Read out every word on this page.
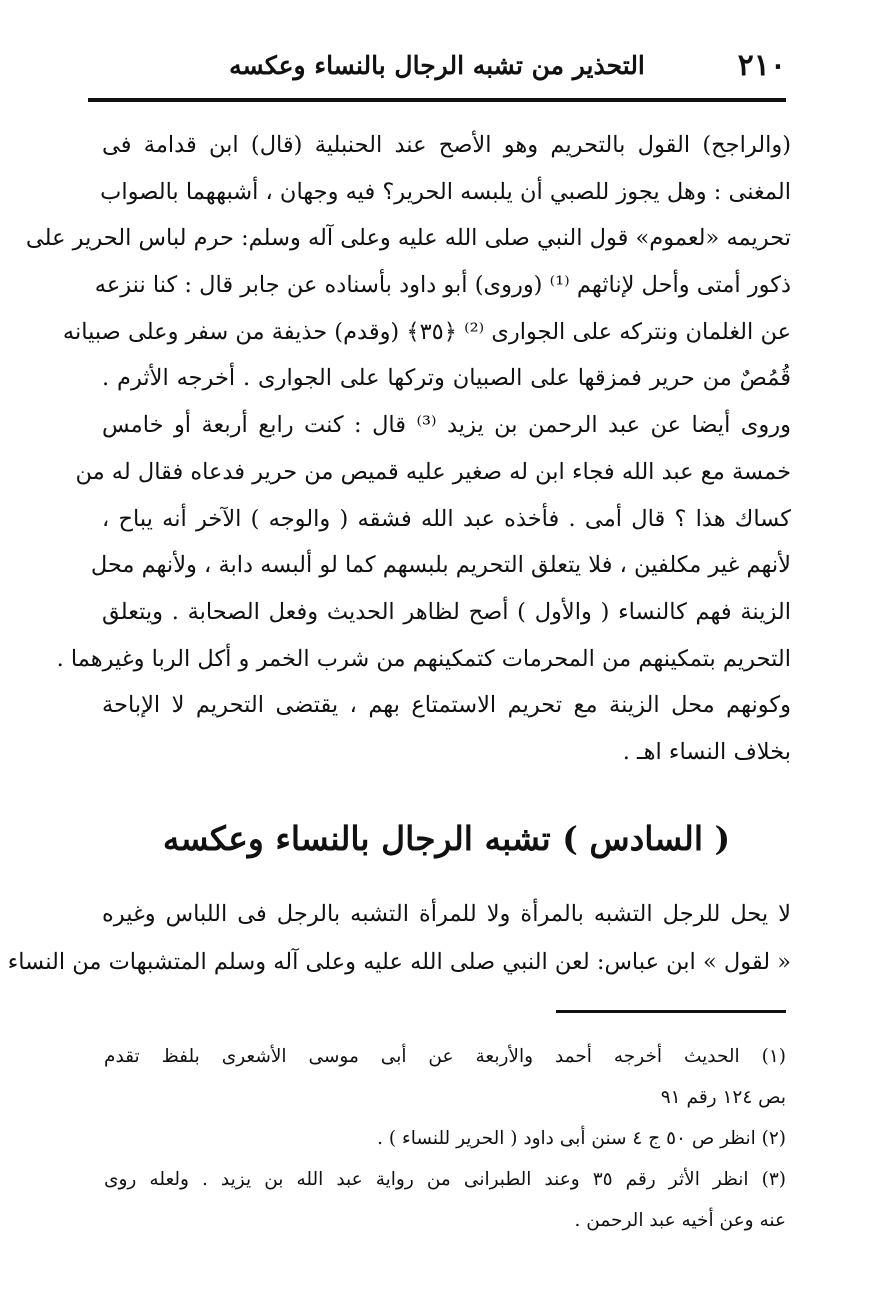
٢١٠
التحذير من تشبه الرجال بالنساء وعكسه
(والراجح) القول بالتحريم وهو الأصح عند الحنبلية (قال) ابن قدامة فى
المغنى : وهل يجوز للصبي أن يلبسه الحرير؟ فيه وجهان ، أشبههما بالصواب
تحريمه «لعموم» قول النبي صلى الله عليه وعلى آله وسلم: حرم لباس الحرير على
ذكور أمتى وأحل لإناثهم ⁽¹⁾ (وروى) أبو داود بأسناده عن جابر قال : كنا ننزعه
عن الغلمان ونتركه على الجوارى ⁽²⁾ ﴿٣٥﴾ (وقدم) حذيفة من سفر وعلى صبيانه
قُمُصٌ من حرير فمزقها على الصبيان وتركها على الجوارى . أخرجه الأثرم .
وروى أيضا عن عبد الرحمن بن يزيد ⁽³⁾ قال : كنت رابع أربعة أو خامس
خمسة مع عبد الله فجاء ابن له صغير عليه قميص من حرير فدعاه فقال له من
كساك هذا ؟ قال أمى . فأخذه عبد الله فشقه ( والوجه ) الآخر أنه يباح ،
لأنهم غير مكلفين ، فلا يتعلق التحريم بلبسهم كما لو ألبسه دابة ، ولأنهم محل
الزينة فهم كالنساء ( والأول ) أصح لظاهر الحديث وفعل الصحابة . ويتعلق
التحريم بتمكينهم من المحرمات كتمكينهم من شرب الخمر و أكل الربا وغيرهما .
وكونهم محل الزينة مع تحريم الاستمتاع بهم ، يقتضى التحريم لا الإباحة
بخلاف النساء اهـ .
( السادس ) تشبه الرجال بالنساء وعكسه
لا يحل للرجل التشبه بالمرأة ولا للمرأة التشبه بالرجل فى اللباس وغيره
« لقول » ابن عباس: لعن النبي صلى الله عليه وعلى آله وسلم المتشبهات من النساء
(١) الحديث أخرجه أحمد والأربعة عن أبى موسى الأشعرى بلفظ تقدم
بص ١٢٤ رقم ٩١
(٢) انظر ص ٥٠ ج ٤ سنن أبى داود ( الحرير للنساء ) .
(٣) انظر الأثر رقم ٣٥ وعند الطبرانى من رواية عبد الله بن يزيد . ولعله روى
عنه وعن أخيه عبد الرحمن .
